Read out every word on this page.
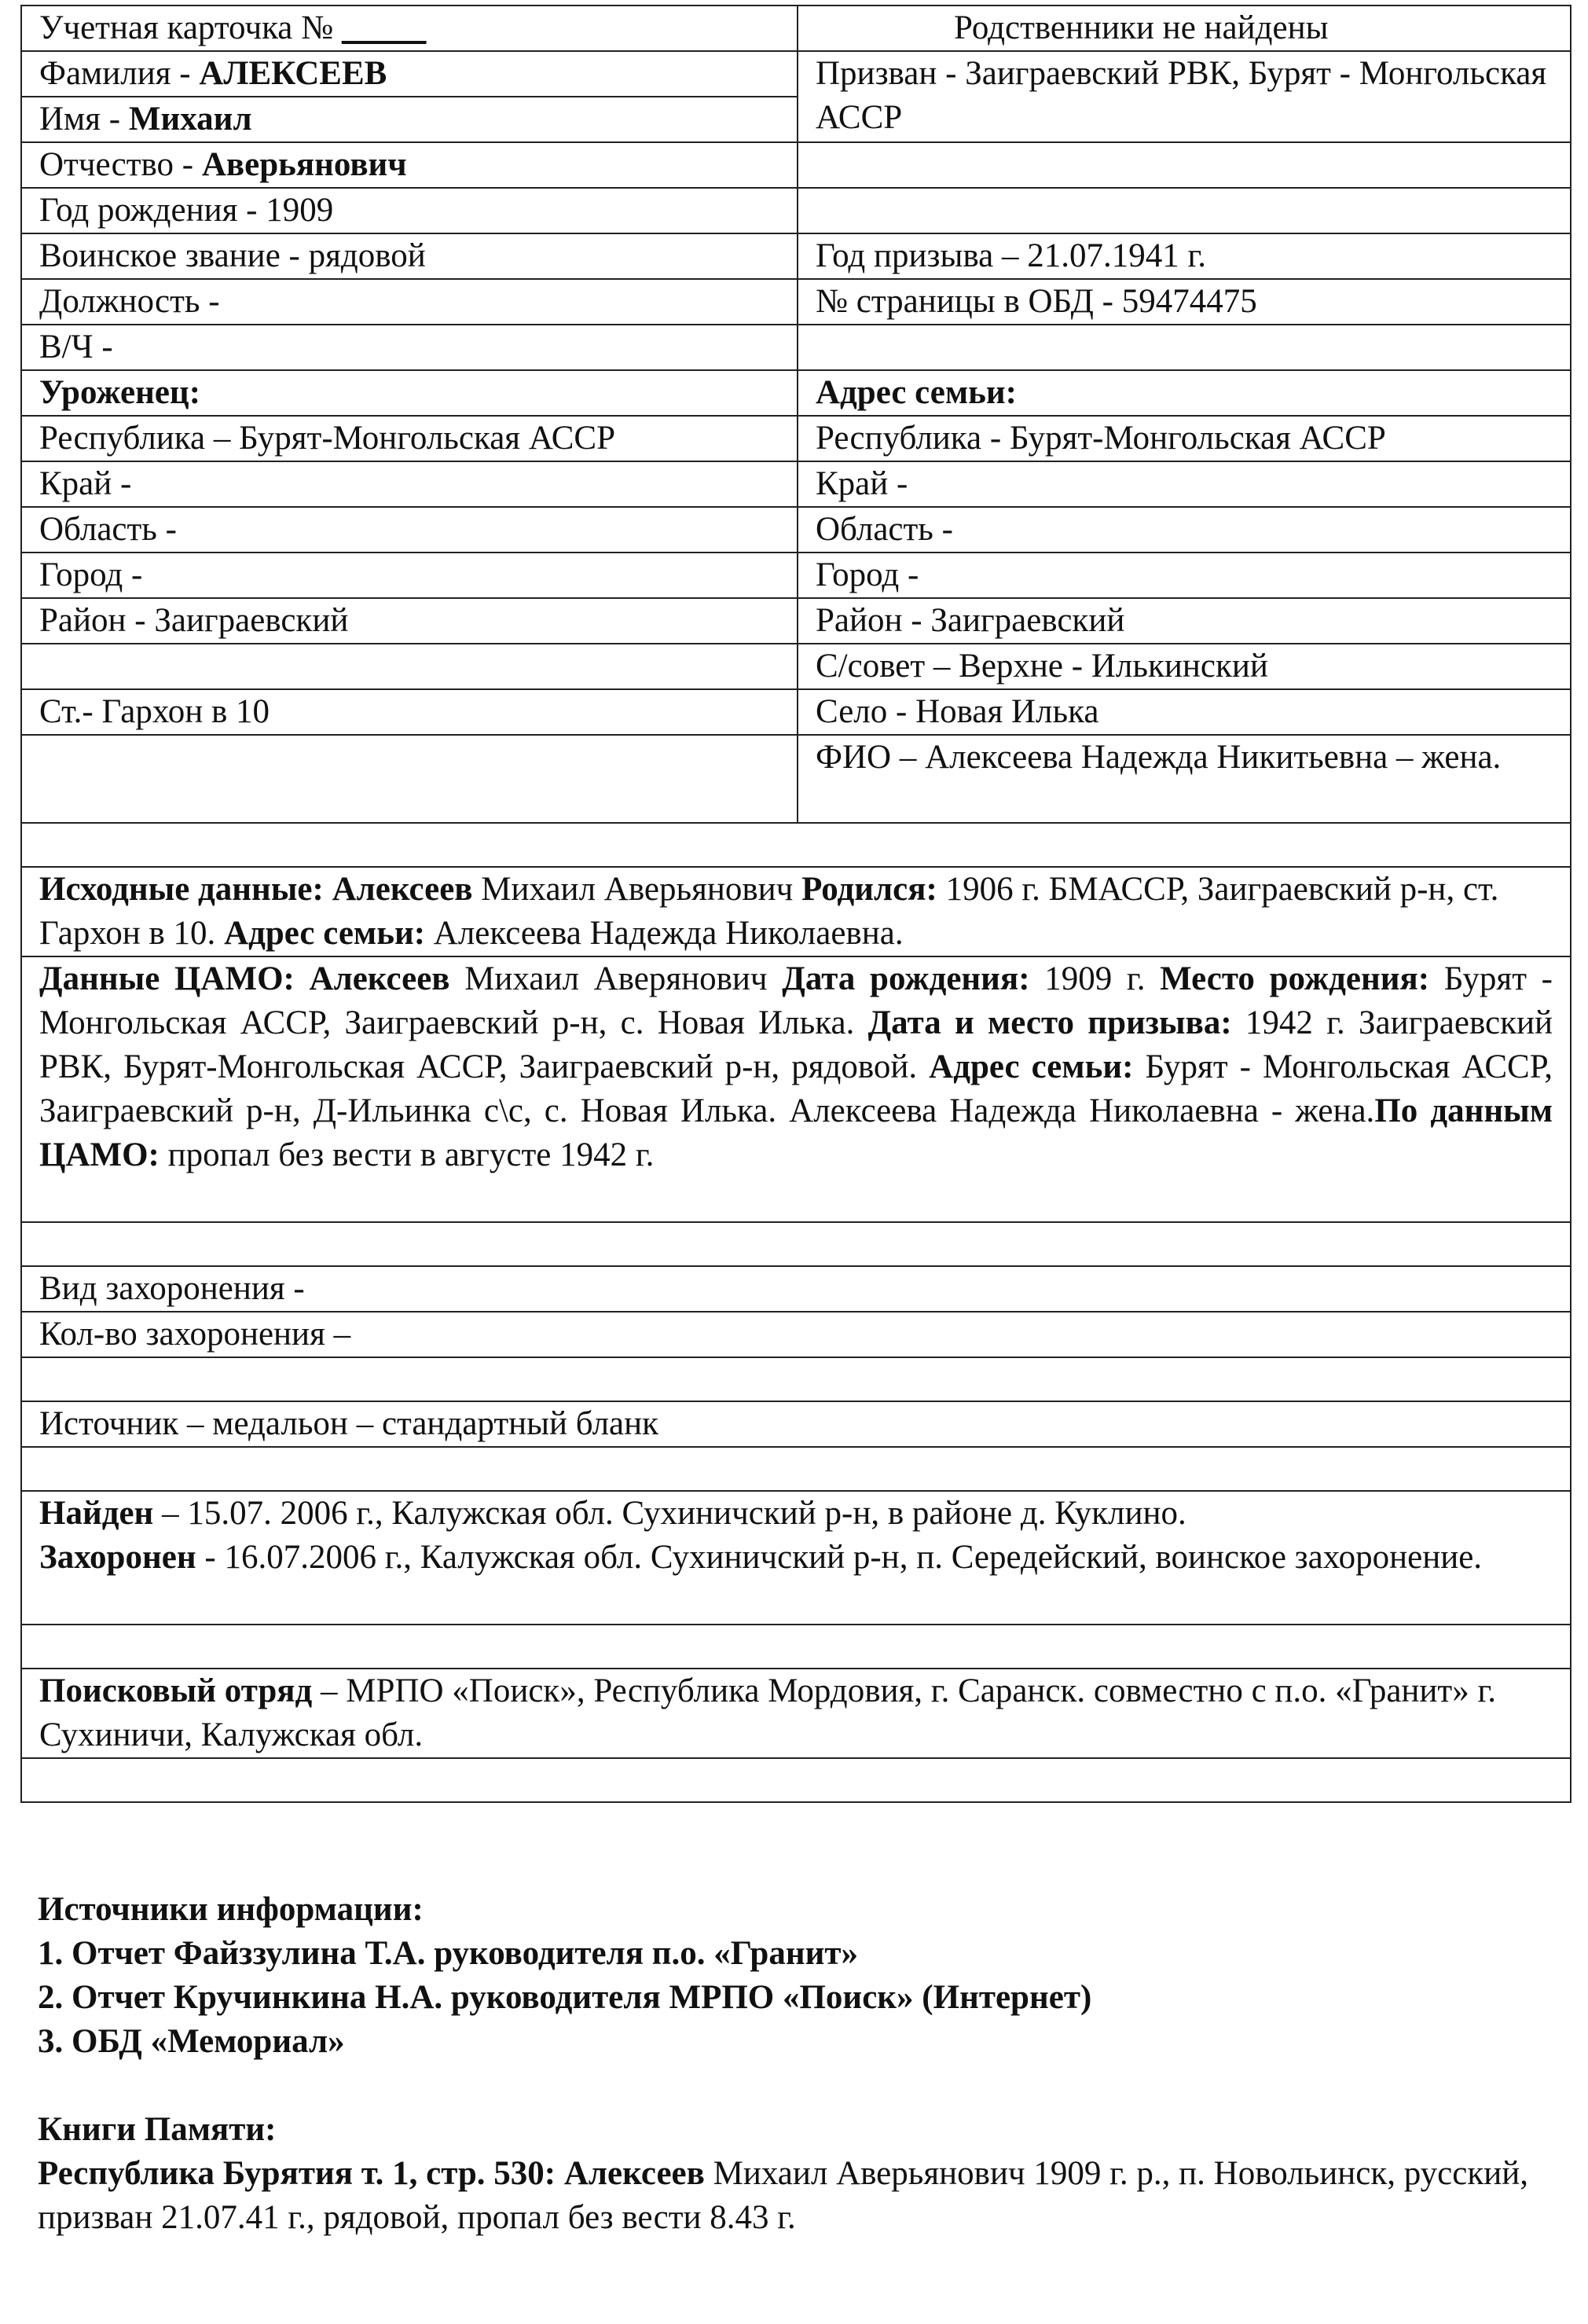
Учетная карточка № _____	Родственники не найдены
Фамилия - АЛЕКСЕЕВ	Призван - Заиграевский РВК, Бурят - Монгольская АССР
Имя - Михаил	
Отчество - Аверьянович	
Год рождения - 1909	
Воинское звание - рядовой	Год призыва – 21.07.1941 г.
Должность -	№ страницы в ОБД - 59474475
В/Ч -	
Уроженец:	Адрес семьи:
Республика – Бурят-Монгольская АССР	Республика - Бурят-Монгольская АССР
Край -	Край -
Область -	Область -
Город -	Город -
Район - Заиграевский	Район - Заиграевский
	С/совет – Верхне - Илькинский
Ст.- Гархон в 10	Село - Новая Илька
	ФИО – Алексеева Надежда Никитьевна – жена.

Исходные данные: Алексеев Михаил Аверьянович Родился: 1906 г. БМАССР, Заиграевский р-н, ст. Гархон в 10. Адрес семьи: Алексеева Надежда Николаевна.	
Данные ЦАМО: Алексеев Михаил Аверянович Дата рождения: 1909 г. Место рождения: Бурят - Монгольская АССР, Заиграевский р-н, с. Новая Илька. Дата и место призыва: 1942 г. Заиграевский РВК, Бурят-Монгольская АССР, Заиграевский р-н, рядовой. Адрес семьи: Бурят - Монгольская АССР, Заиграевский р-н, Д-Ильинка с\с, с. Новая Илька. Алексеева Надежда Николаевна - жена.По данным ЦАМО: пропал без вести в августе 1942 г.	

Вид захоронения -	
Кол-во захоронения –	

Источник – медальон – стандартный бланк	

Найден – 15.07. 2006 г., Калужская обл. Сухиничский р-н, в районе д. Куклино.
Захоронен - 16.07.2006 г., Калужская обл. Сухиничский р-н, п. Середейский, воинское захоронение.	

Поисковый отряд – МРПО «Поиск», Республика Мордовия, г. Саранск. совместно с п.о. «Гранит» г. Сухиничи, Калужская обл.	

Источники информации:

1. Отчет Файззулина Т.А. руководителя п.о. «Гранит»

2. Отчет Кручинкина Н.А. руководителя МРПО «Поиск» (Интернет)

3. ОБД «Мемориал»

Книги Памяти:

Республика Бурятия т. 1, стр. 530: Алексеев Михаил Аверьянович 1909 г. р., п. Новольинск, русский, призван 21.07.41 г., рядовой, пропал без вести 8.43 г.
